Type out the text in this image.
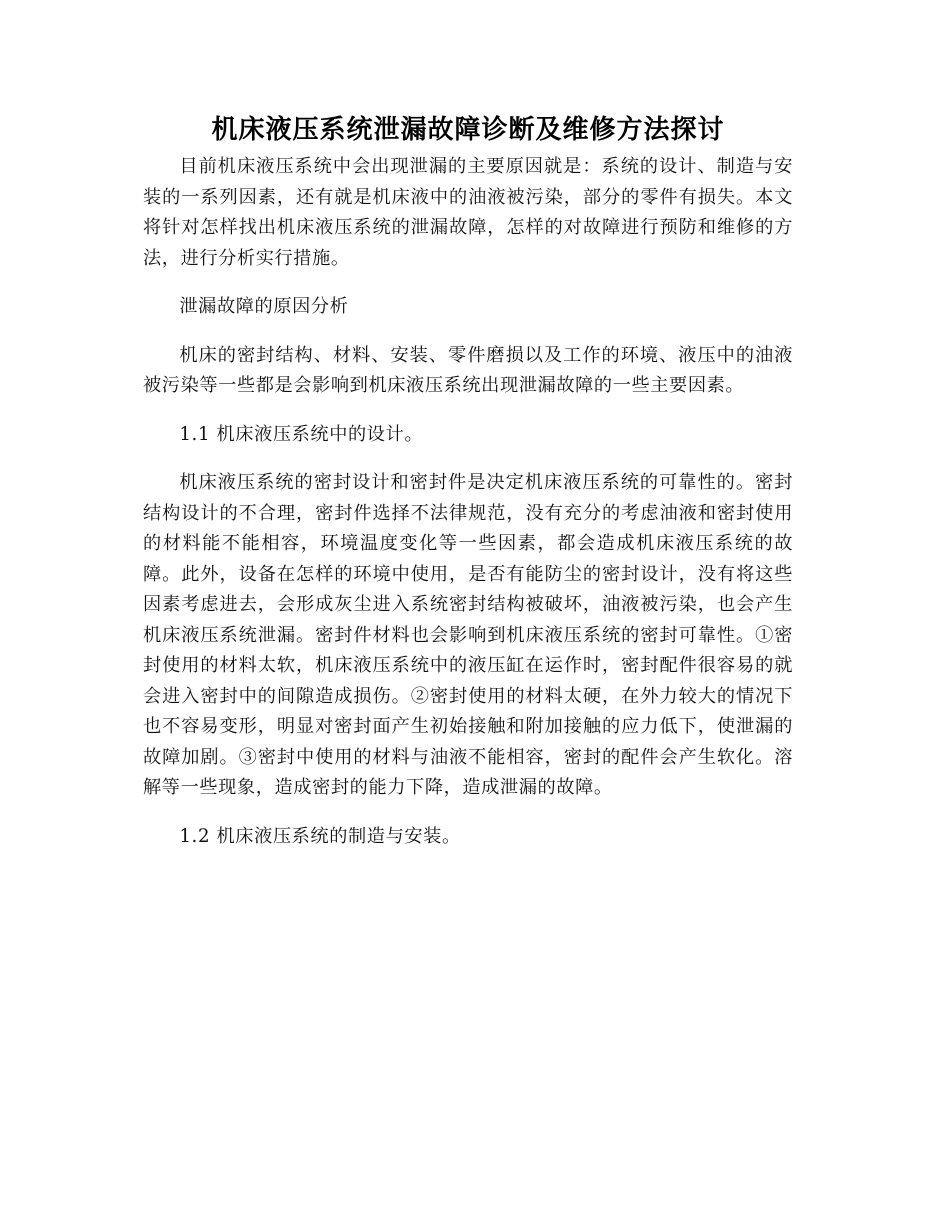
机床液压系统泄漏故障诊断及维修方法探讨

目前机床液压系统中会出现泄漏的主要原因就是：系统的设计、制造与安装的一系列因素，还有就是机床液中的油液被污染，部分的零件有损失。本文将针对怎样找出机床液压系统的泄漏故障，怎样的对故障进行预防和维修的方法，进行分析实行措施。

泄漏故障的原因分析

机床的密封结构、材料、安装、零件磨损以及工作的环境、液压中的油液被污染等一些都是会影响到机床液压系统出现泄漏故障的一些主要因素。

1.1 机床液压系统中的设计。

机床液压系统的密封设计和密封件是决定机床液压系统的可靠性的。密封结构设计的不合理，密封件选择不法律规范，没有充分的考虑油液和密封使用的材料能不能相容，环境温度变化等一些因素，都会造成机床液压系统的故障。此外，设备在怎样的环境中使用，是否有能防尘的密封设计，没有将这些因素考虑进去，会形成灰尘进入系统密封结构被破坏，油液被污染，也会产生机床液压系统泄漏。密封件材料也会影响到机床液压系统的密封可靠性。①密封使用的材料太软，机床液压系统中的液压缸在运作时，密封配件很容易的就会进入密封中的间隙造成损伤。②密封使用的材料太硬，在外力较大的情况下也不容易变形，明显对密封面产生初始接触和附加接触的应力低下，使泄漏的故障加剧。③密封中使用的材料与油液不能相容，密封的配件会产生软化。溶解等一些现象，造成密封的能力下降，造成泄漏的故障。

1.2 机床液压系统的制造与安装。
